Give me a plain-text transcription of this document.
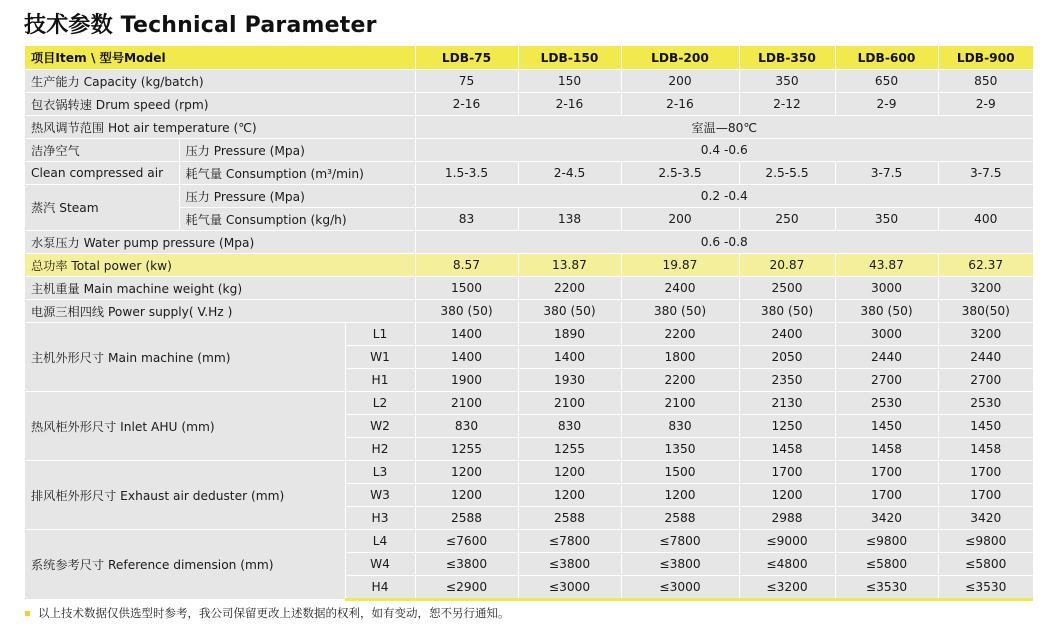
技术参数 Technical Parameter
项目Item \ 型号Model			LDB-75	LDB-150	LDB-200	LDB-350	LDB-600	LDB-900
生产能力 Capacity (kg/batch)			75	150	200	350	650	850
包衣锅转速 Drum speed (rpm)			2-16	2-16	2-16	2-12	2-9	2-9
热风调节范围 Hot air temperature (℃)			室温—80℃					
洁净空气	压力 Pressure (Mpa)		0.4 -0.6					
Clean compressed air	耗气量 Consumption (m³/min)		1.5-3.5	2-4.5	2.5-3.5	2.5-5.5	3-7.5	3-7.5
蒸汽 Steam	压力 Pressure (Mpa)		0.2 -0.4					
	耗气量 Consumption (kg/h)		83	138	200	250	350	400
水泵压力 Water pump pressure (Mpa)			0.6 -0.8					
总功率 Total power (kw)			8.57	13.87	19.87	20.87	43.87	62.37
主机重量 Main machine weight (kg)			1500	2200	2400	2500	3000	3200
电源三相四线 Power supply( V.Hz )			380 (50)	380 (50)	380 (50)	380 (50)	380 (50)	380(50)
主机外形尺寸 Main machine (mm)		L1	1400	1890	2200	2400	3000	3200
		W1	1400	1400	1800	2050	2440	2440
		H1	1900	1930	2200	2350	2700	2700
热风柜外形尺寸 Inlet AHU (mm)		L2	2100	2100	2100	2130	2530	2530
		W2	830	830	830	1250	1450	1450
		H2	1255	1255	1350	1458	1458	1458
排风柜外形尺寸 Exhaust air deduster (mm)		L3	1200	1200	1500	1700	1700	1700
		W3	1200	1200	1200	1200	1700	1700
		H3	2588	2588	2588	2988	3420	3420
系统参考尺寸 Reference dimension (mm)		L4	≤7600	≤7800	≤7800	≤9000	≤9800	≤9800
		W4	≤3800	≤3800	≤3800	≤4800	≤5800	≤5800
		H4	≤2900	≤3000	≤3000	≤3200	≤3530	≤3530
以上技术数据仅供选型时参考，我公司保留更改上述数据的权利，如有变动，恕不另行通知。
